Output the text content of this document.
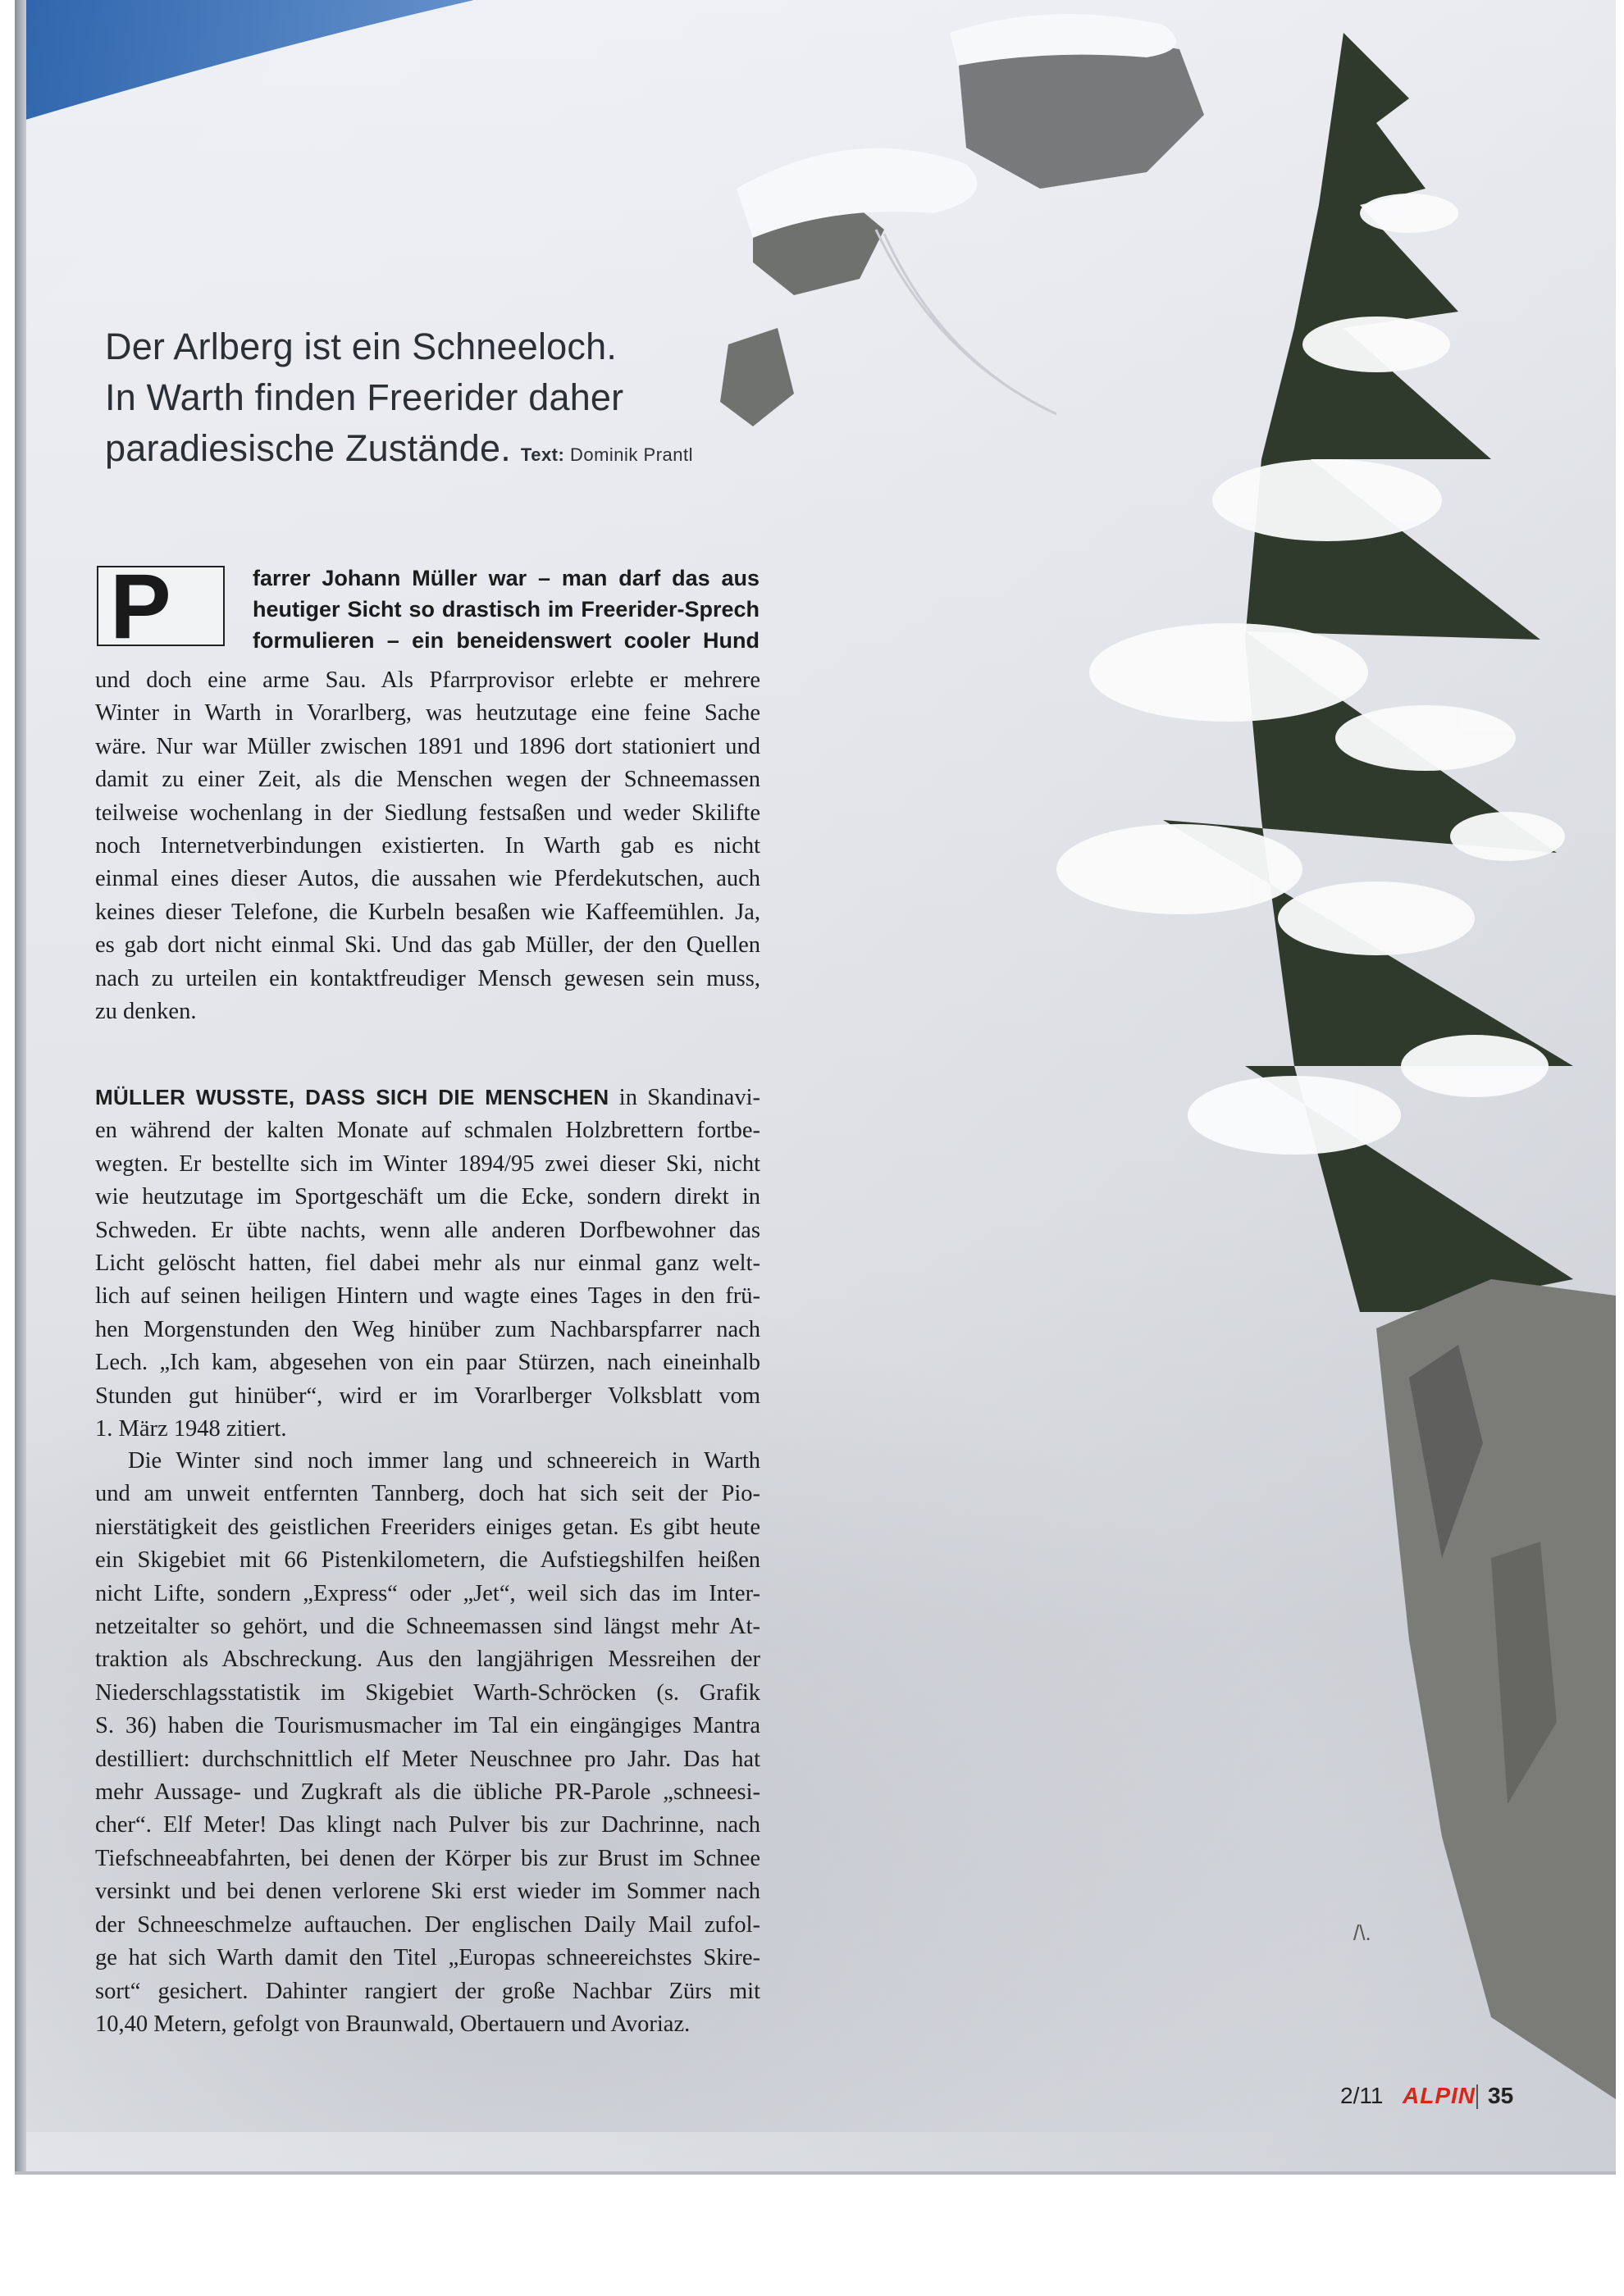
Der Arlberg ist ein Schneeloch.
In Warth finden Freerider daher
paradiesische Zustände. Text: Dominik Prantl
P	farrer Johann Müller war – man darf das aus
heutiger Sicht so drastisch im Freerider-Sprech
formulieren – ein beneidenswert cooler Hund
und doch eine arme Sau. Als Pfarrprovisor erlebte er mehrere
Winter in Warth in Vorarlberg, was heutzutage eine feine Sache
wäre. Nur war Müller zwischen 1891 und 1896 dort stationiert und
damit zu einer Zeit, als die Menschen wegen der Schneemassen
teilweise wochenlang in der Siedlung festsaßen und weder Skilifte
noch Internetverbindungen existierten. In Warth gab es nicht
einmal eines dieser Autos, die aussahen wie Pferdekutschen, auch
keines dieser Telefone, die Kurbeln besaßen wie Kaffeemühlen. Ja,
es gab dort nicht einmal Ski. Und das gab Müller, der den Quellen
nach zu urteilen ein kontaktfreudiger Mensch gewesen sein muss,
zu denken.
MÜLLER WUSSTE, DASS SICH DIE MENSCHEN in Skandinavi-
en während der kalten Monate auf schmalen Holzbrettern fortbe-
wegten. Er bestellte sich im Winter 1894/95 zwei dieser Ski, nicht
wie heutzutage im Sportgeschäft um die Ecke, sondern direkt in
Schweden. Er übte nachts, wenn alle anderen Dorfbewohner das
Licht gelöscht hatten, fiel dabei mehr als nur einmal ganz welt-
lich auf seinen heiligen Hintern und wagte eines Tages in den frü-
hen Morgenstunden den Weg hinüber zum Nachbarspfarrer nach
Lech. „Ich kam, abgesehen von ein paar Stürzen, nach eineinhalb
Stunden gut hinüber“, wird er im Vorarlberger Volksblatt vom
1. März 1948 zitiert.
Die Winter sind noch immer lang und schneereich in Warth
und am unweit entfernten Tannberg, doch hat sich seit der Pio-
nierstätigkeit des geistlichen Freeriders einiges getan. Es gibt heute
ein Skigebiet mit 66 Pistenkilometern, die Aufstiegshilfen heißen
nicht Lifte, sondern „Express“ oder „Jet“, weil sich das im Inter-
netzeitalter so gehört, und die Schneemassen sind längst mehr At-
traktion als Abschreckung. Aus den langjährigen Messreihen der
Niederschlagsstatistik im Skigebiet Warth-Schröcken (s. Grafik
S. 36) haben die Tourismusmacher im Tal ein eingängiges Mantra
destilliert: durchschnittlich elf Meter Neuschnee pro Jahr. Das hat
mehr Aussage- und Zugkraft als die übliche PR-Parole „schneesi-
cher“. Elf Meter! Das klingt nach Pulver bis zur Dachrinne, nach
Tiefschneeabfahrten, bei denen der Körper bis zur Brust im Schnee
versinkt und bei denen verlorene Ski erst wieder im Sommer nach
der Schneeschmelze auftauchen. Der englischen Daily Mail zufol-
ge hat sich Warth damit den Titel „Europas schneereichstes Skire-
sort“ gesichert. Dahinter rangiert der große Nachbar Zürs mit
10,40 Metern, gefolgt von Braunwald, Obertauern und Avoriaz.
/\.
2/11 ALPIN 35
